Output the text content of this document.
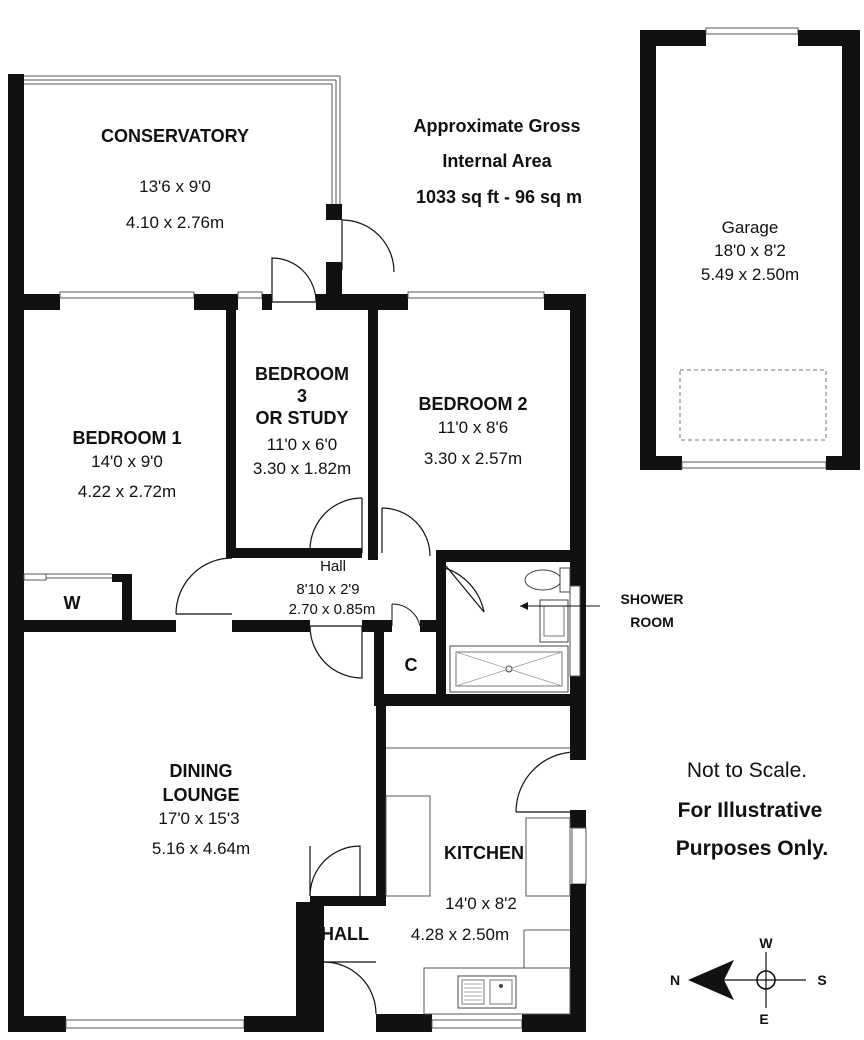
Approximate Gross
Internal Area
1033 sq ft - 96 sq m
CONSERVATORY
13'6 x 9'0
4.10 x 2.76m
BEDROOM 1
14'0 x 9'0
4.22 x 2.72m
BEDROOM
3
OR STUDY
11'0 x 6'0
3.30 x 1.82m
BEDROOM 2
11'0 x 8'6
3.30 x 2.57m
Hall
8'10 x 2'9
2.70 x 0.85m
W
C
SHOWER
ROOM
DINING
LOUNGE
17'0 x 15'3
5.16 x 4.64m	KITCHEN
14'0 x 8'2
4.28 x 2.50m
HALL
Garage
18'0 x 8'2
5.49 x 2.50m
Not to Scale.
For Illustrative
Purposes Only.
W
N	S
E
